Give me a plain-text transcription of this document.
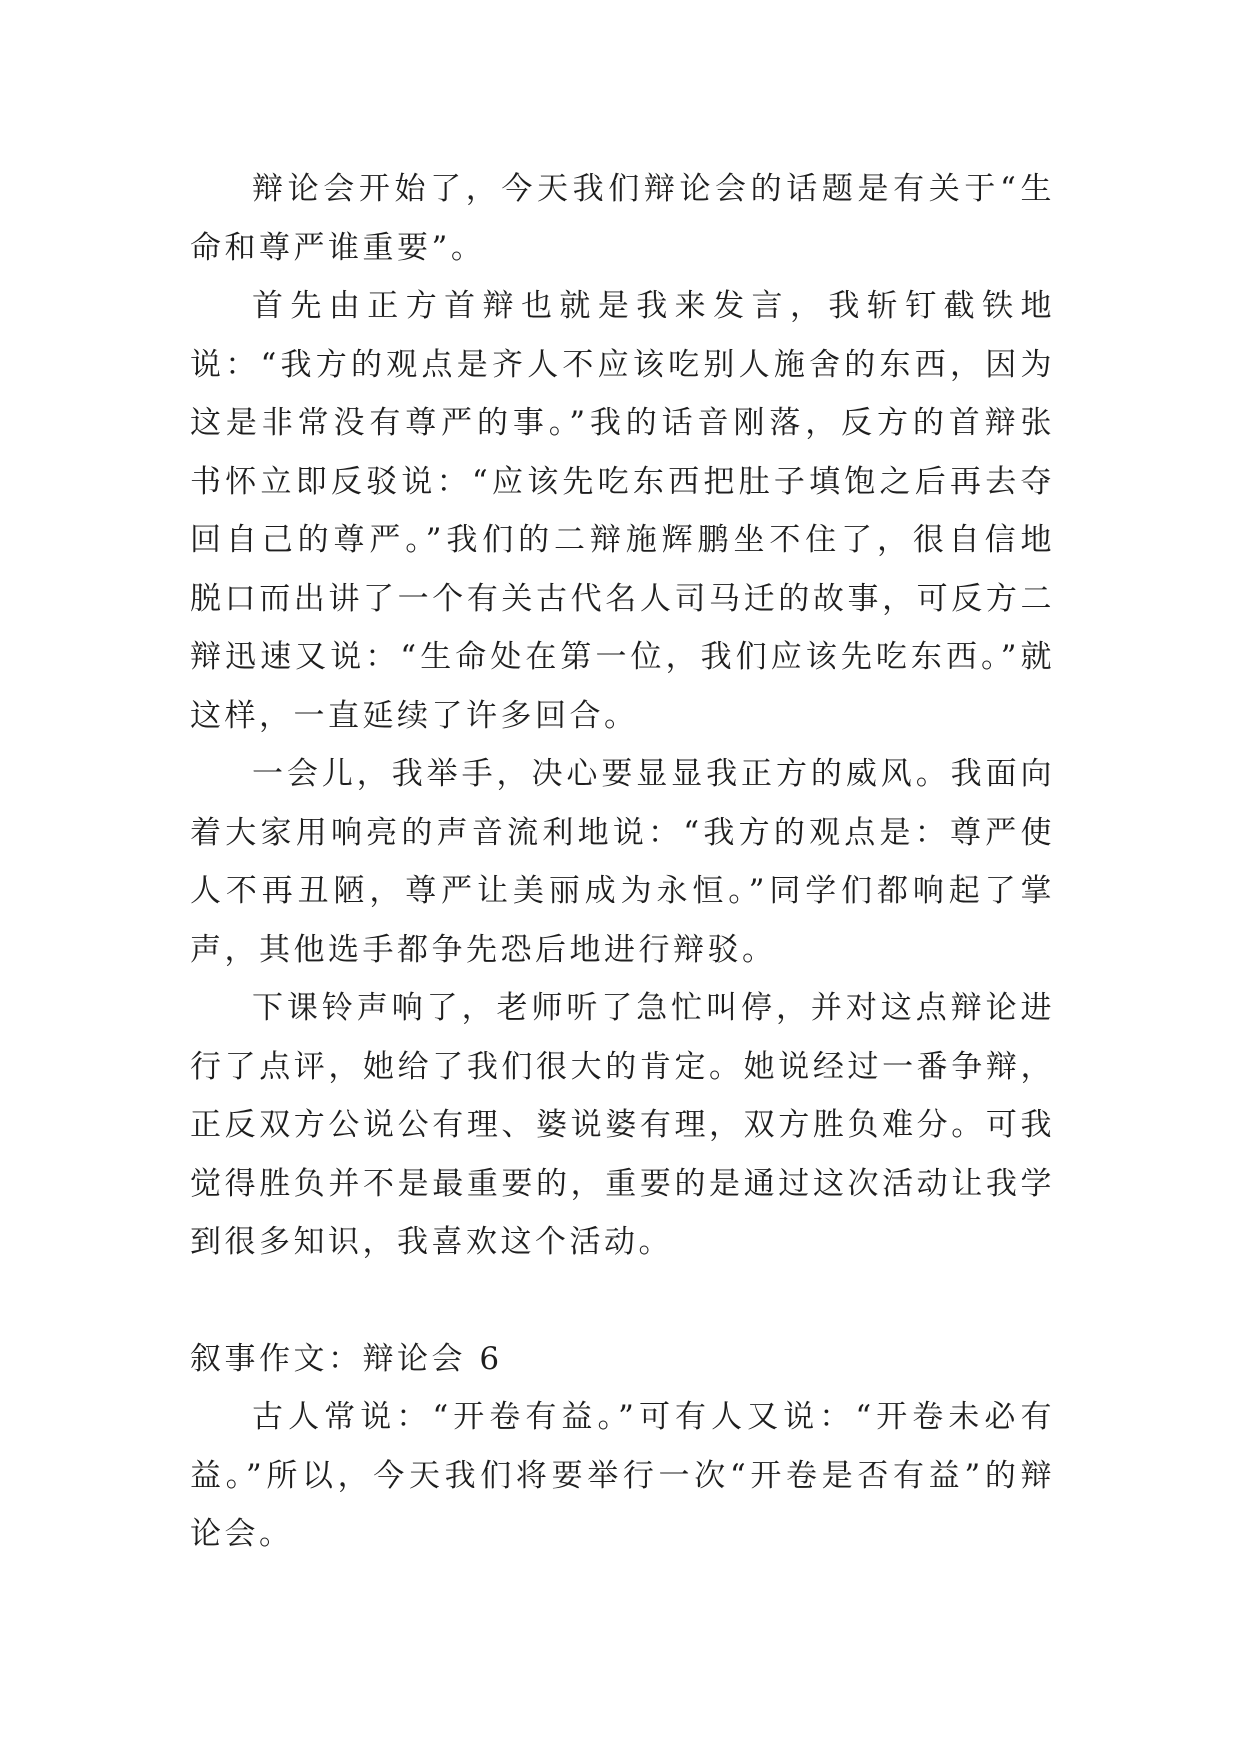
辩论会开始了，今天我们辩论会的话题是有关于“生命和尊严谁重要”。

首先由正方首辩也就是我来发言，我斩钉截铁地说：“我方的观点是齐人不应该吃别人施舍的东西，因为这是非常没有尊严的事。”我的话音刚落，反方的首辩张书怀立即反驳说：“应该先吃东西把肚子填饱之后再去夺回自己的尊严。”我们的二辩施辉鹏坐不住了，很自信地脱口而出讲了一个有关古代名人司马迁的故事，可反方二辩迅速又说：“生命处在第一位，我们应该先吃东西。”就这样，一直延续了许多回合。

一会儿，我举手，决心要显显我正方的威风。我面向着大家用响亮的声音流利地说：“我方的观点是：尊严使人不再丑陋，尊严让美丽成为永恒。”同学们都响起了掌声，其他选手都争先恐后地进行辩驳。

下课铃声响了，老师听了急忙叫停，并对这点辩论进行了点评，她给了我们很大的肯定。她说经过一番争辩，正反双方公说公有理、婆说婆有理，双方胜负难分。可我觉得胜负并不是最重要的，重要的是通过这次活动让我学到很多知识，我喜欢这个活动。

叙事作文：辩论会 6

古人常说：“开卷有益。”可有人又说：“开卷未必有益。”所以，今天我们将要举行一次“开卷是否有益”的辩论会。
